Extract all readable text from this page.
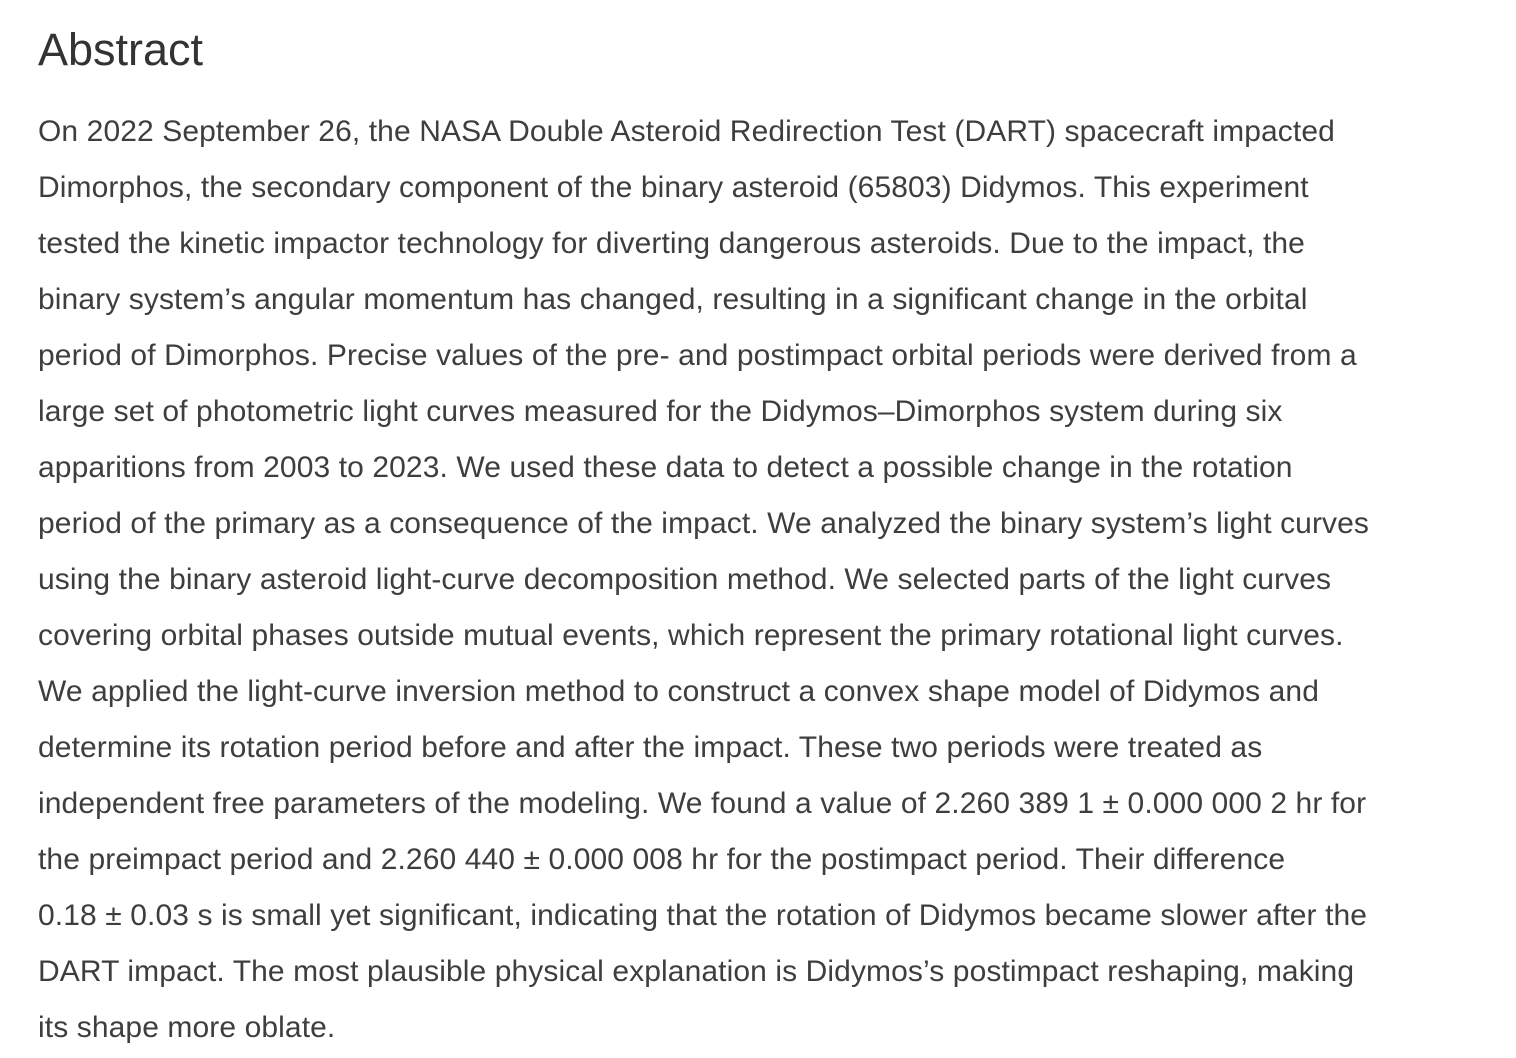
Abstract
On 2022 September 26, the NASA Double Asteroid Redirection Test (DART) spacecraft impacted
Dimorphos, the secondary component of the binary asteroid (65803) Didymos. This experiment
tested the kinetic impactor technology for diverting dangerous asteroids. Due to the impact, the
binary system’s angular momentum has changed, resulting in a significant change in the orbital
period of Dimorphos. Precise values of the pre- and postimpact orbital periods were derived from a
large set of photometric light curves measured for the Didymos–Dimorphos system during six
apparitions from 2003 to 2023. We used these data to detect a possible change in the rotation
period of the primary as a consequence of the impact. We analyzed the binary system’s light curves
using the binary asteroid light-curve decomposition method. We selected parts of the light curves
covering orbital phases outside mutual events, which represent the primary rotational light curves.
We applied the light-curve inversion method to construct a convex shape model of Didymos and
determine its rotation period before and after the impact. These two periods were treated as
independent free parameters of the modeling. We found a value of 2.260 389 1 ± 0.000 000 2 hr for
the preimpact period and 2.260 440 ± 0.000 008 hr for the postimpact period. Their difference
0.18 ± 0.03 s is small yet significant, indicating that the rotation of Didymos became slower after the
DART impact. The most plausible physical explanation is Didymos’s postimpact reshaping, making
its shape more oblate.
